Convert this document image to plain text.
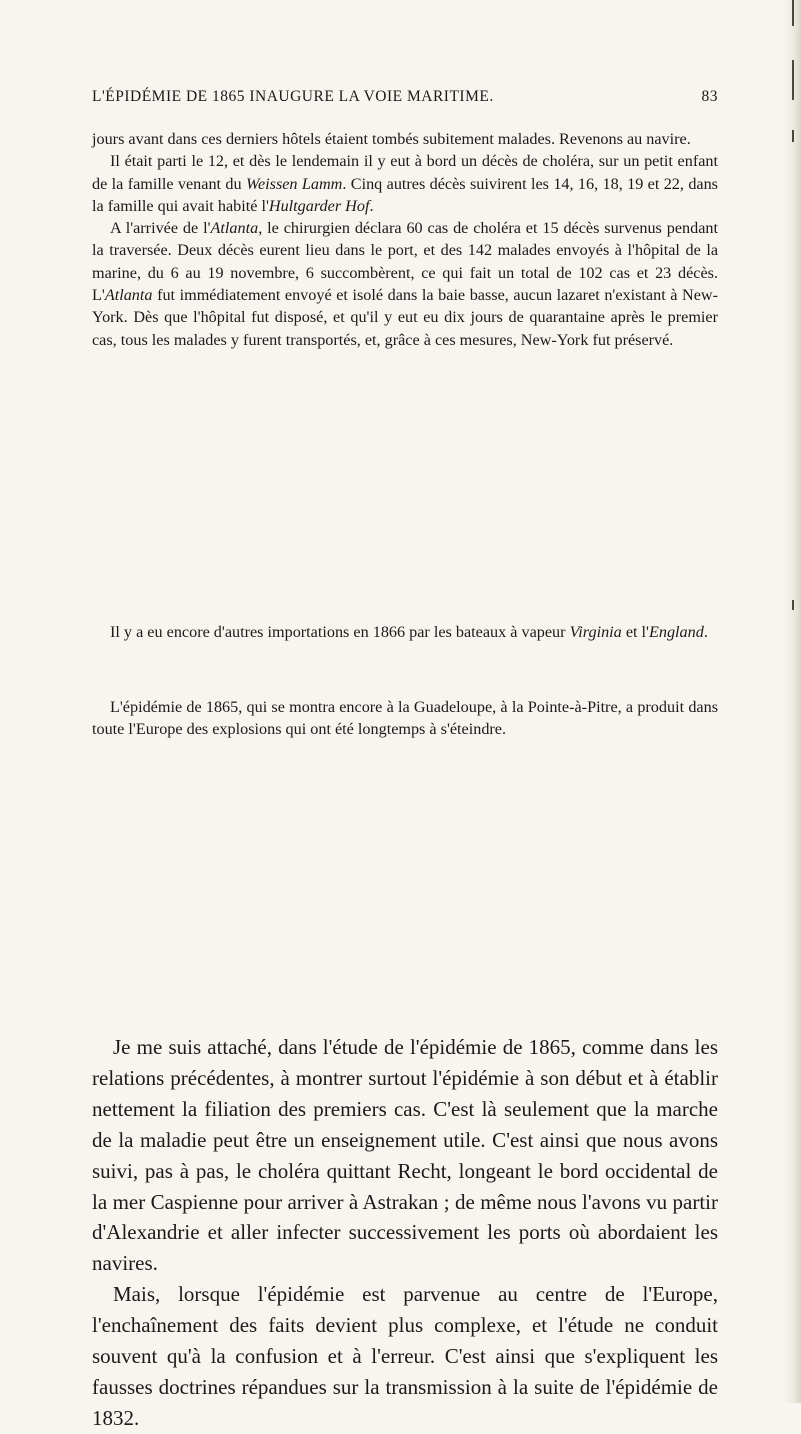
L'ÉPIDÉMIE DE 1865 INAUGURE LA VOIE MARITIME.	83

jours avant dans ces derniers hôtels étaient tombés subitement malades. Revenons au navire.

Il était parti le 12, et dès le lendemain il y eut à bord un décès de choléra, sur un petit enfant de la famille venant du Weissen Lamm. Cinq autres décès suivirent les 14, 16, 18, 19 et 22, dans la famille qui avait habité l'Hultgarder Hof.

A l'arrivée de l'Atlanta, le chirurgien déclara 60 cas de choléra et 15 décès survenus pendant la traversée. Deux décès eurent lieu dans le port, et des 142 malades envoyés à l'hôpital de la marine, du 6 au 19 novembre, 6 succombèrent, ce qui fait un total de 102 cas et 23 décès. L'Atlanta fut immédiatement envoyé et isolé dans la baie basse, aucun lazaret n'existant à New-York. Dès que l'hôpital fut disposé, et qu'il y eut eu dix jours de quarantaine après le premier cas, tous les malades y furent transportés, et, grâce à ces mesures, New-York fut préservé.

Il y a eu encore d'autres importations en 1866 par les bateaux à vapeur Virginia et l'England.

L'épidémie de 1865, qui se montra encore à la Guadeloupe, à la Pointe-à-Pitre, a produit dans toute l'Europe des explosions qui ont été longtemps à s'éteindre.

Je me suis attaché, dans l'étude de l'épidémie de 1865, comme dans les relations précédentes, à montrer surtout l'épidémie à son début et à établir nettement la filiation des premiers cas. C'est là seulement que la marche de la maladie peut être un enseignement utile. C'est ainsi que nous avons suivi, pas à pas, le choléra quittant Recht, longeant le bord occidental de la mer Caspienne pour arriver à Astrakan ; de même nous l'avons vu partir d'Alexandrie et aller infecter successivement les ports où abordaient les navires.

Mais, lorsque l'épidémie est parvenue au centre de l'Europe, l'enchaînement des faits devient plus complexe, et l'étude ne conduit souvent qu'à la confusion et à l'erreur. C'est ainsi que s'expliquent les fausses doctrines répandues sur la transmission à la suite de l'épidémie de 1832.
